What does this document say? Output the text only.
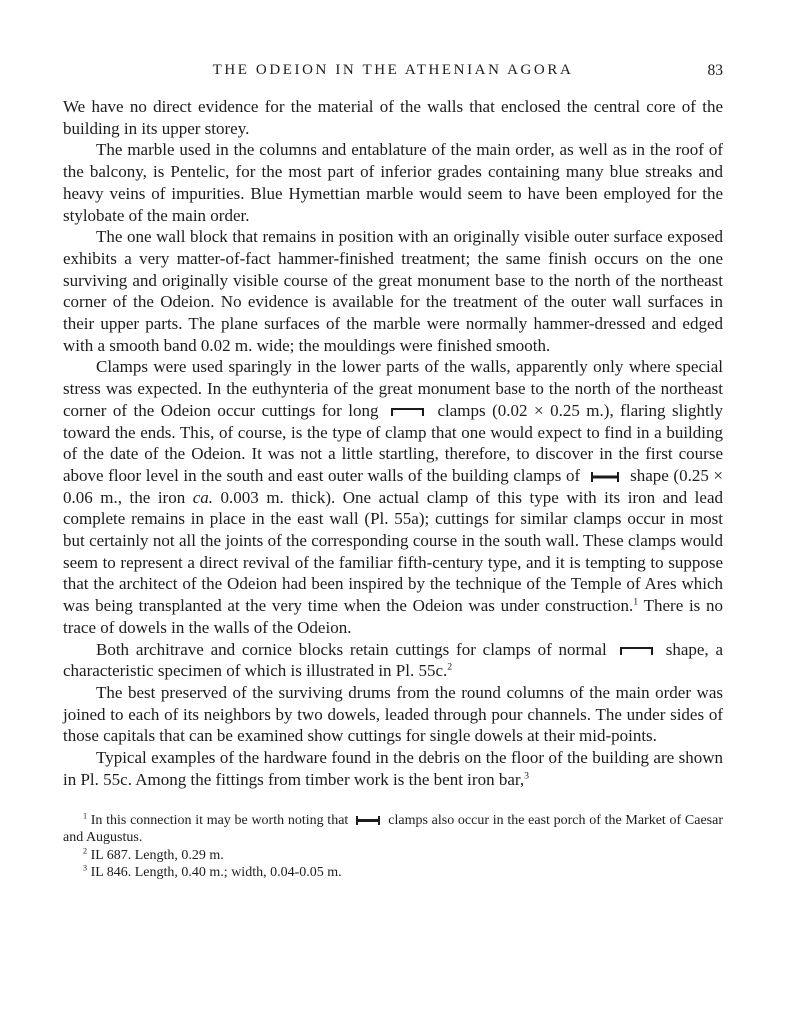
THE ODEION IN THE ATHENIAN AGORA	83

We have no direct evidence for the material of the walls that enclosed the central core of the building in its upper storey.

The marble used in the columns and entablature of the main order, as well as in the roof of the balcony, is Pentelic, for the most part of inferior grades containing many blue streaks and heavy veins of impurities. Blue Hymettian marble would seem to have been employed for the stylobate of the main order.

The one wall block that remains in position with an originally visible outer surface exposed exhibits a very matter-of-fact hammer-finished treatment; the same finish occurs on the one surviving and originally visible course of the great monument base to the north of the northeast corner of the Odeion. No evidence is available for the treatment of the outer wall surfaces in their upper parts. The plane surfaces of the marble were normally hammer-dressed and edged with a smooth band 0.02 m. wide; the mouldings were finished smooth.

Clamps were used sparingly in the lower parts of the walls, apparently only where special stress was expected. In the euthynteria of the great monument base to the north of the northeast corner of the Odeion occur cuttings for long	clamps (0.02 × 0.25 m.), flaring slightly toward the ends. This, of course, is the type of clamp that one would expect to find in a building of the date of the Odeion. It was not a little startling, therefore, to discover in the first course above floor level in the south and east outer walls of the building clamps of	shape (0.25 × 0.06 m., the iron ca. 0.003 m. thick). One actual clamp of this type with its iron and lead complete remains in place in the east wall (Pl. 55a); cuttings for similar clamps occur in most but certainly not all the joints of the corresponding course in the south wall. These clamps would seem to represent a direct revival of the familiar fifth-century type, and it is tempting to suppose that the architect of the Odeion had been inspired by the technique of the Temple of Ares which was being transplanted at the very time when the Odeion was under construction.$^1$ There is no trace of dowels in the walls of the Odeion.

Both architrave and cornice blocks retain cuttings for clamps of normal	shape, a characteristic specimen of which is illustrated in Pl. 55c.$^2$

The best preserved of the surviving drums from the round columns of the main order was joined to each of its neighbors by two dowels, leaded through pour channels. The under sides of those capitals that can be examined show cuttings for single dowels at their mid-points.

Typical examples of the hardware found in the debris on the floor of the building are shown in Pl. 55c. Among the fittings from timber work is the bent iron bar,$^3$

$^1$ In this connection it may be worth noting that	clamps also occur in the east porch of the Market of Caesar and Augustus.

$^2$ IL 687. Length, 0.29 m.

$^3$ IL 846. Length, 0.40 m.; width, 0.04-0.05 m.
